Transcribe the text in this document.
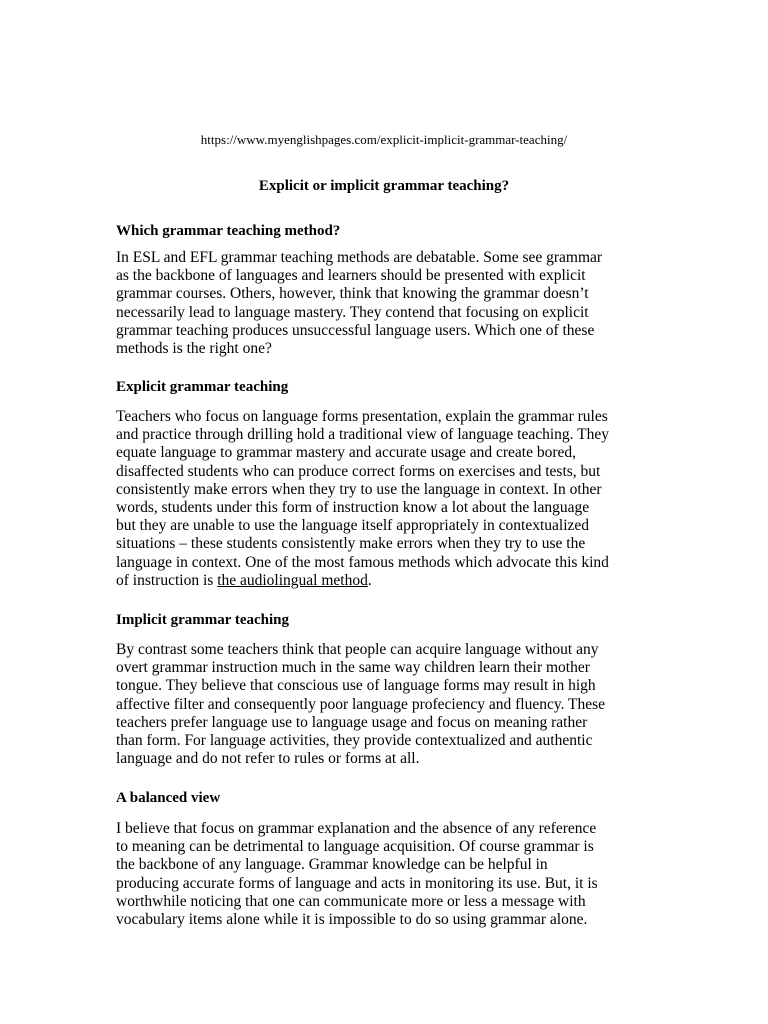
https://www.myenglishpages.com/explicit-implicit-grammar-teaching/
Explicit or implicit grammar teaching?
Which grammar teaching method?
In ESL and EFL grammar teaching methods are debatable. Some see grammar
as the backbone of languages and learners should be presented with explicit
grammar courses. Others, however, think that knowing the grammar doesn’t
necessarily lead to language mastery. They contend that focusing on explicit
grammar teaching produces unsuccessful language users. Which one of these
methods is the right one?
Explicit grammar teaching
Teachers who focus on language forms presentation, explain the grammar rules
and practice through drilling hold a traditional view of language teaching. They
equate language to grammar mastery and accurate usage and create bored,
disaffected students who can produce correct forms on exercises and tests, but
consistently make errors when they try to use the language in context. In other
words, students under this form of instruction know a lot about the language
but they are unable to use the language itself appropriately in contextualized
situations – these students consistently make errors when they try to use the
language in context. One of the most famous methods which advocate this kind
of instruction is the audiolingual method.
Implicit grammar teaching
By contrast some teachers think that people can acquire language without any
overt grammar instruction much in the same way children learn their mother
tongue. They believe that conscious use of language forms may result in high
affective filter and consequently poor language profeciency and fluency. These
teachers prefer language use to language usage and focus on meaning rather
than form. For language activities, they provide contextualized and authentic
language and do not refer to rules or forms at all.
A balanced view
I believe that focus on grammar explanation and the absence of any reference
to meaning can be detrimental to language acquisition. Of course grammar is
the backbone of any language. Grammar knowledge can be helpful in
producing accurate forms of language and acts in monitoring its use. But, it is
worthwhile noticing that one can communicate more or less a message with
vocabulary items alone while it is impossible to do so using grammar alone.
